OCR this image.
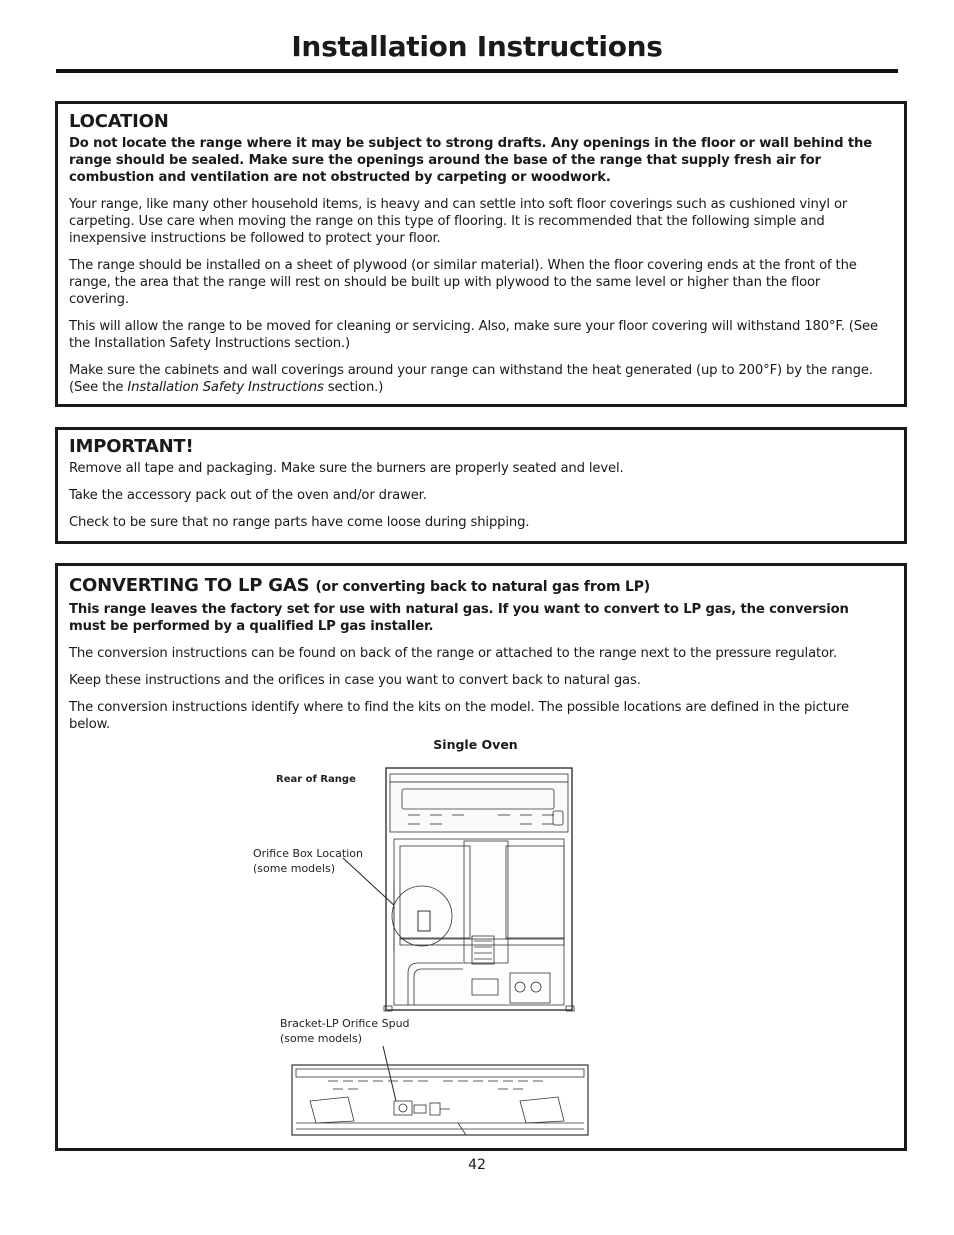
Installation Instructions
LOCATION

Do not locate the range where it may be subject to strong drafts. Any openings in the floor or wall behind the range should be sealed. Make sure the openings around the base of the range that supply fresh air for combustion and ventilation are not obstructed by carpeting or woodwork.

Your range, like many other household items, is heavy and can settle into soft floor coverings such as cushioned vinyl or carpeting. Use care when moving the range on this type of flooring. It is recommended that the following simple and inexpensive instructions be followed to protect your floor.

The range should be installed on a sheet of plywood (or similar material). When the floor covering ends at the front of the range, the area that the range will rest on should be built up with plywood to the same level or higher than the floor covering.

This will allow the range to be moved for cleaning or servicing. Also, make sure your floor covering will withstand 180°F. (See the Installation Safety Instructions section.)

Make sure the cabinets and wall coverings around your range can withstand the heat generated (up to 200°F) by the range. (See the Installation Safety Instructions section.)

IMPORTANT!

Remove all tape and packaging. Make sure the burners are properly seated and level.

Take the accessory pack out of the oven and/or drawer.

Check to be sure that no range parts have come loose during shipping.

CONVERTING TO LP GAS (or converting back to natural gas from LP)

This range leaves the factory set for use with natural gas. If you want to convert to LP gas, the conversion must be performed by a qualified LP gas installer.

The conversion instructions can be found on back of the range or attached to the range next to the pressure regulator.

Keep these instructions and the orifices in case you want to convert back to natural gas.

The conversion instructions identify where to find the kits on the model. The possible locations are defined in the picture below.

Single Oven
Rear of Range
Orifice Box Location
(some models)
Bracket-LP Orifice Spud
(some models)
42
